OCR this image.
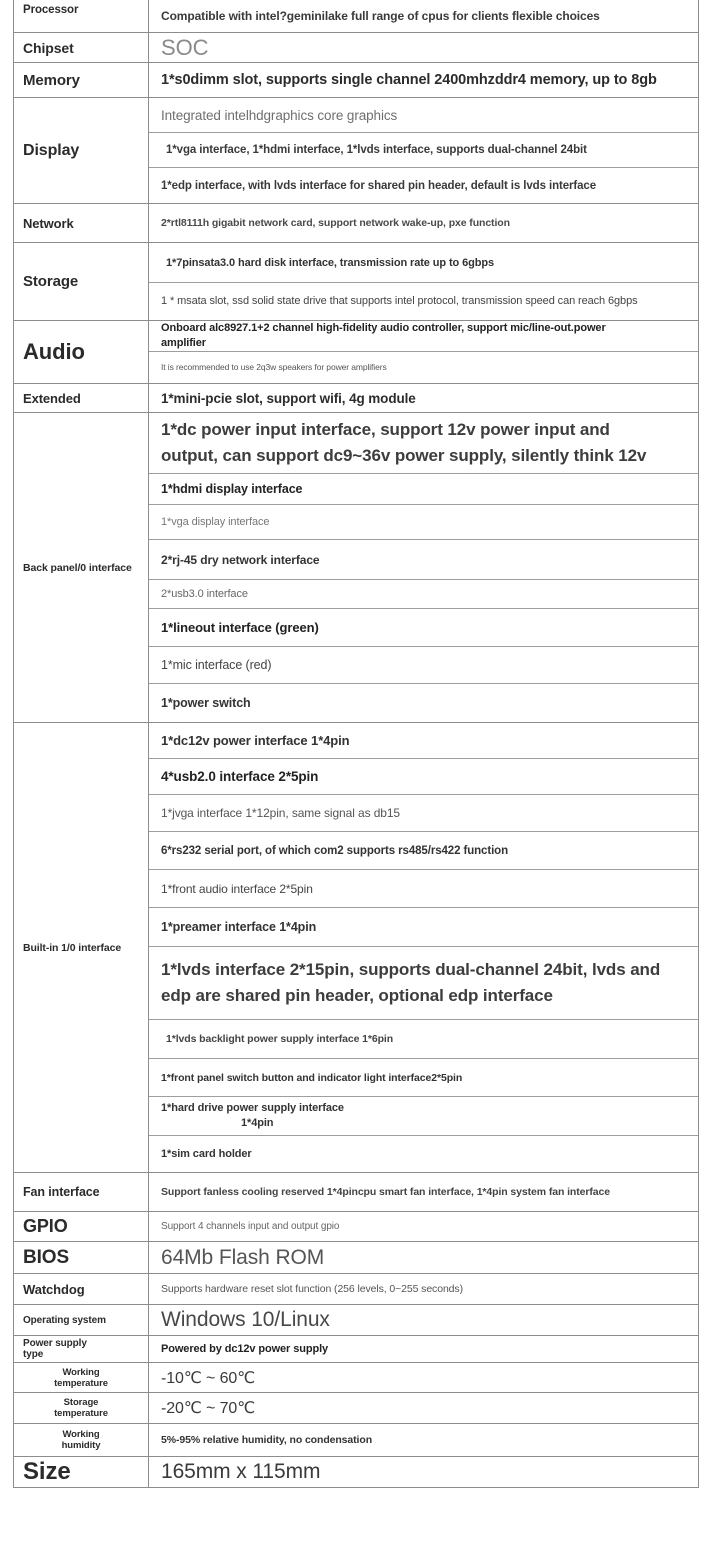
Processor	Compatible with intel?geminilake full range of cpus for clients flexible choices
Chipset	SOC
Memory	1*s0dimm slot, supports single channel 2400mhzddr4 memory, up to 8gb
Display
Integrated intelhdgraphics core graphics
1*vga interface, 1*hdmi interface, 1*lvds interface, supports dual-channel 24bit
1*edp interface, with lvds interface for shared pin header, default is lvds interface
Network	2*rtl8111h gigabit network card, support network wake-up, pxe function
Storage
1*7pinsata3.0 hard disk interface, transmission rate up to 6gbps
1 * msata slot, ssd solid state drive that supports intel protocol, transmission speed can reach 6gbps
Audio
Onboard alc8927.1+2 channel high-fidelity audio controller, support mic/line-out.power amplifier
It is recommended to use 2q3w speakers for power amplifiers
Extended	1*mini-pcie slot, support wifi, 4g module
Back panel/0 interface
1*dc power input interface, support 12v power input and output, can support dc9~36v power supply, silently think 12v
1*hdmi display interface
1*vga display interface
2*rj-45 dry network interface
2*usb3.0 interface
1*lineout interface (green)
1*mic interface (red)
1*power switch
Built-in 1/0 interface
1*dc12v power interface 1*4pin
4*usb2.0 interface 2*5pin
1*jvga interface 1*12pin, same signal as db15
6*rs232 serial port, of which com2 supports rs485/rs422 function
1*front audio interface 2*5pin
1*preamer interface 1*4pin
1*lvds interface 2*15pin, supports dual-channel 24bit, lvds and edp are shared pin header, optional edp interface
1*lvds backlight power supply interface 1*6pin
1*front panel switch button and indicator light interface2*5pin
1*hard drive power supply interface
1*4pin
1*sim card holder
Fan interface	Support fanless cooling reserved 1*4pincpu smart fan interface, 1*4pin system fan interface
GPIO	Support 4 channels input and output gpio
BIOS	64Mb Flash ROM
Watchdog	Supports hardware reset slot function (256 levels, 0~255 seconds)
Operating system	Windows 10/Linux
Power supply type	Powered by dc12v power supply
Working temperature	-10℃ ~ 60℃
Storage temperature	-20℃ ~ 70℃
Working humidity	5%-95% relative humidity, no condensation
Size	165mm x 115mm
